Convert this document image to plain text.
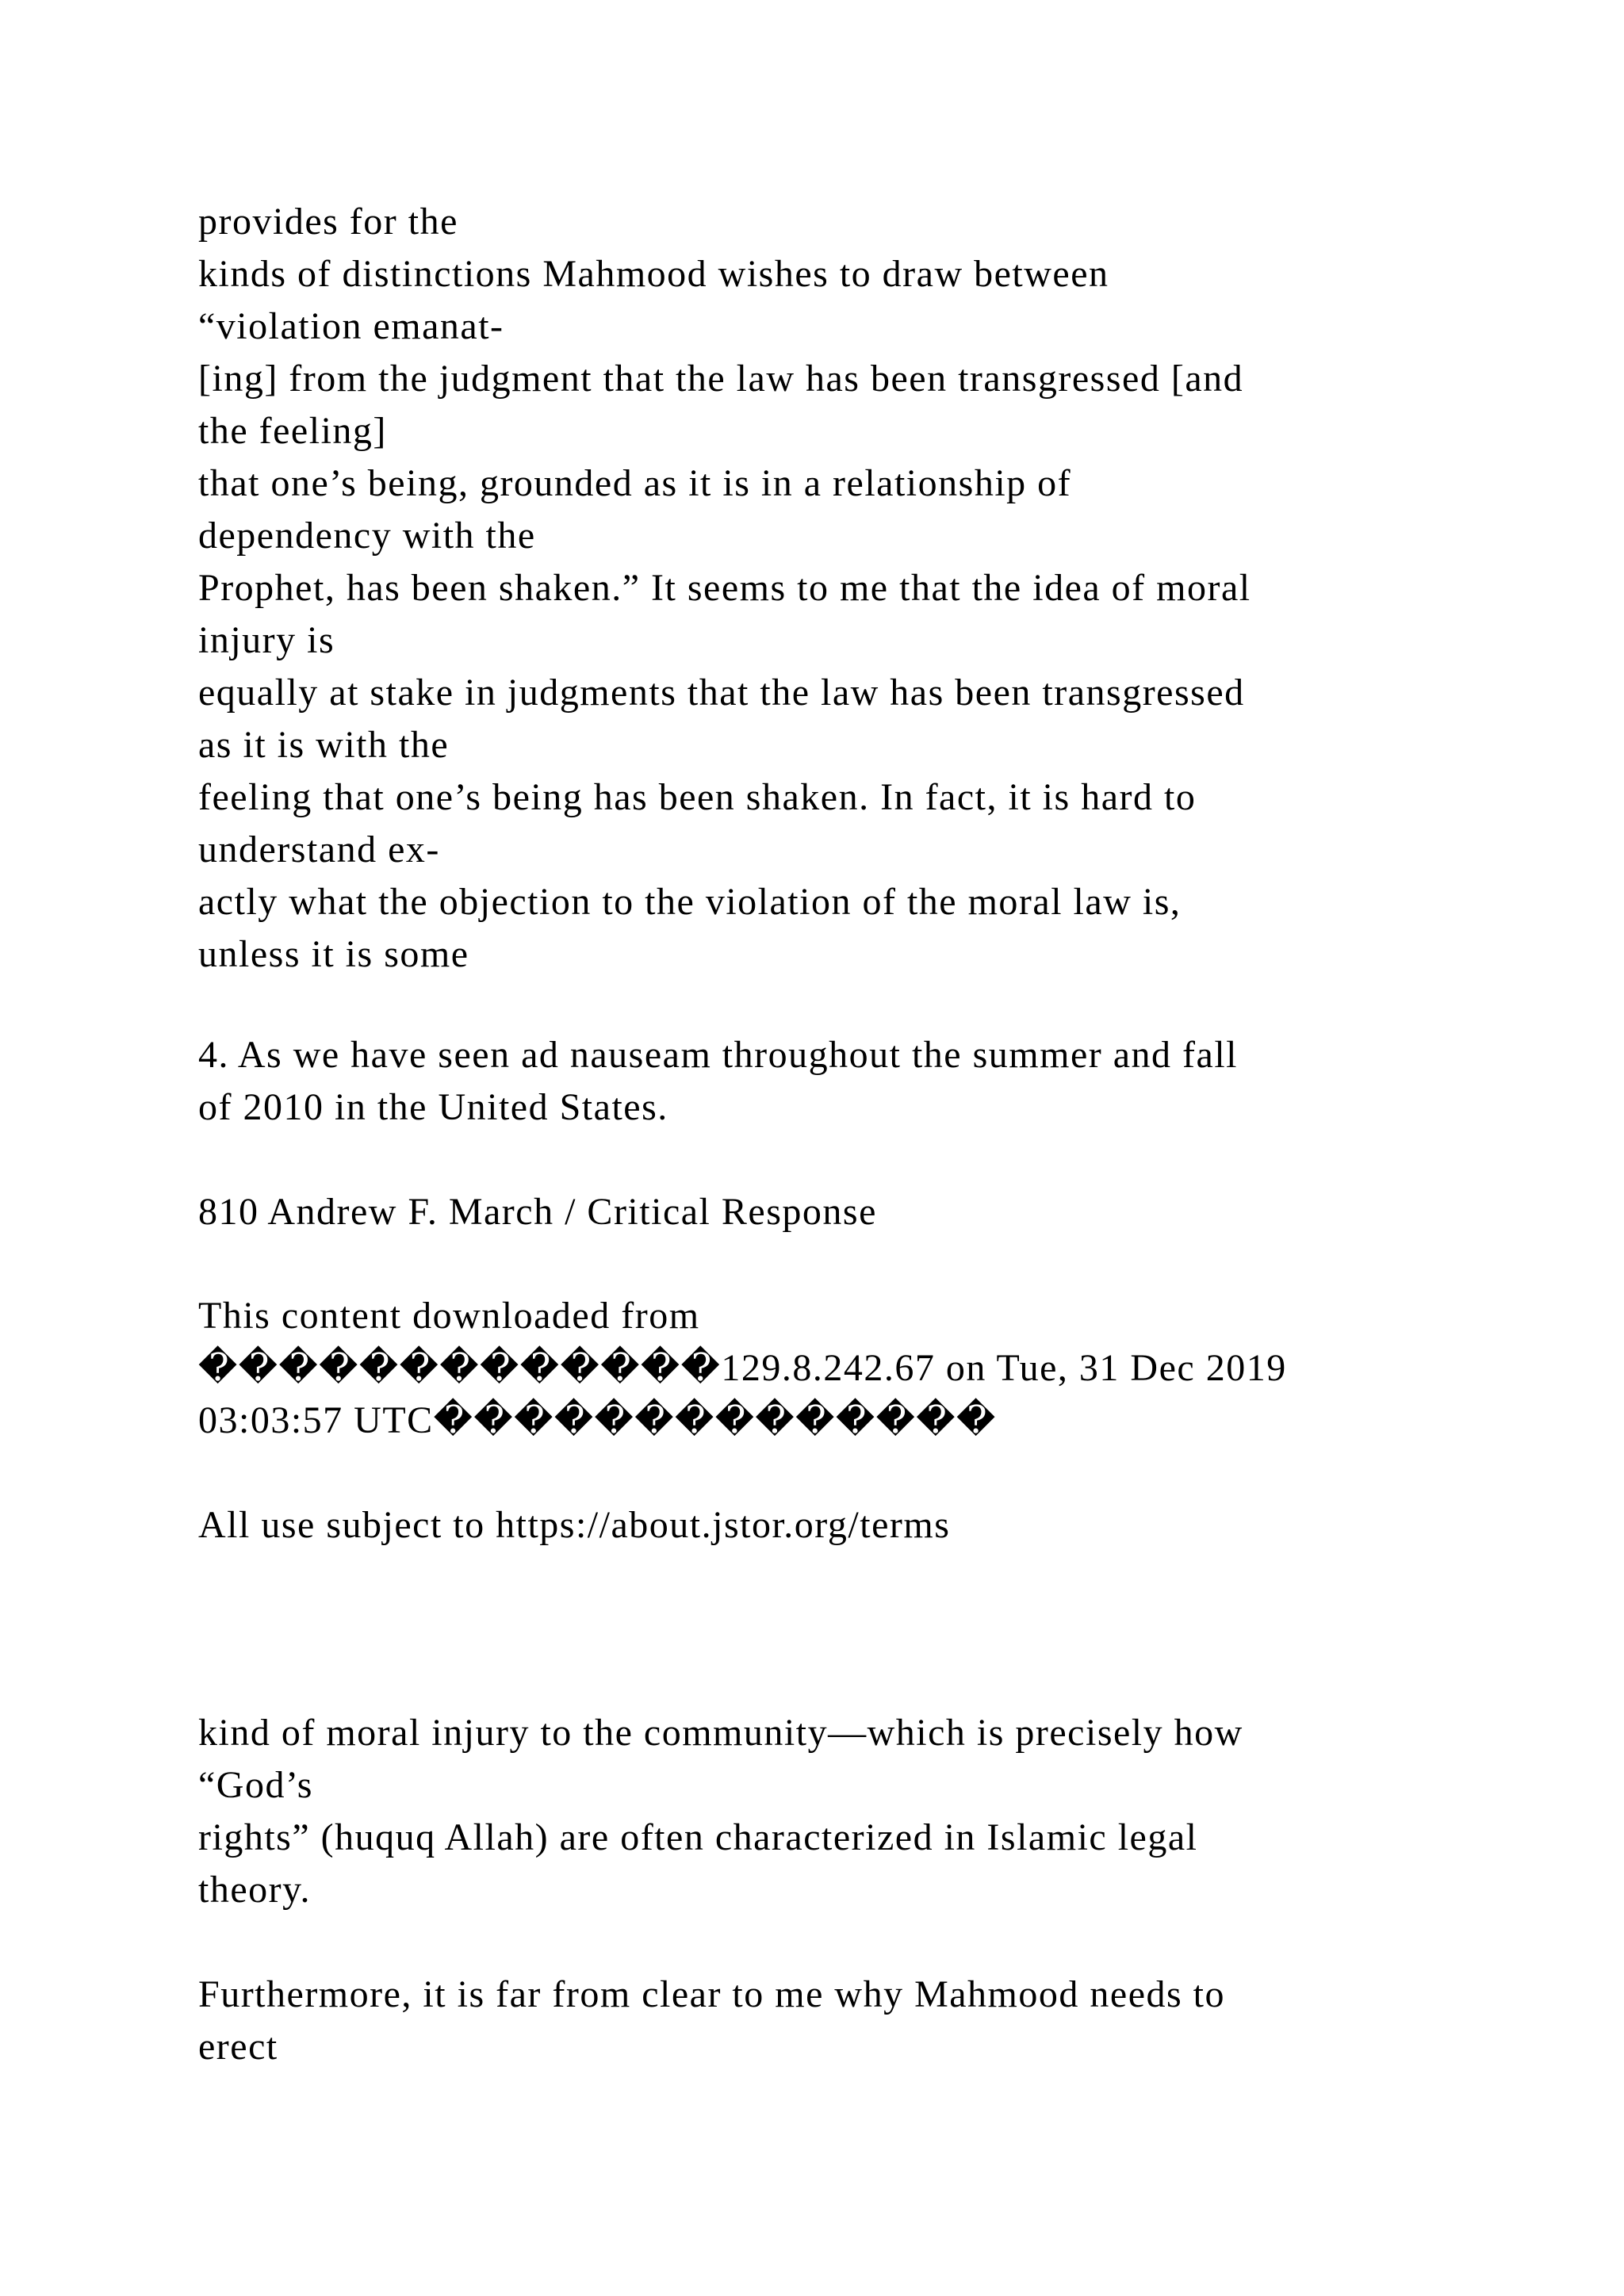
provides for the
kinds of distinctions Mahmood wishes to draw between
“violation emanat-
[ing] from the judgment that the law has been transgressed [and
the feeling]
that one’s being, grounded as it is in a relationship of
dependency with the
Prophet, has been shaken.” It seems to me that the idea of moral
injury is
equally at stake in judgments that the law has been transgressed
as it is with the
feeling that one’s being has been shaken. In fact, it is hard to
understand ex-
actly what the objection to the violation of the moral law is,
unless it is some
4. As we have seen ad nauseam throughout the summer and fall
of 2010 in the United States.
810 Andrew F. March / Critical Response
This content downloaded from
�������������129.8.242.67 on Tue, 31 Dec 2019
03:03:57 UTC��������������
All use subject to https://about.jstor.org/terms
kind of moral injury to the community—which is precisely how
“God’s
rights” (huquq Allah) are often characterized in Islamic legal
theory.
Furthermore, it is far from clear to me why Mahmood needs to
erect
